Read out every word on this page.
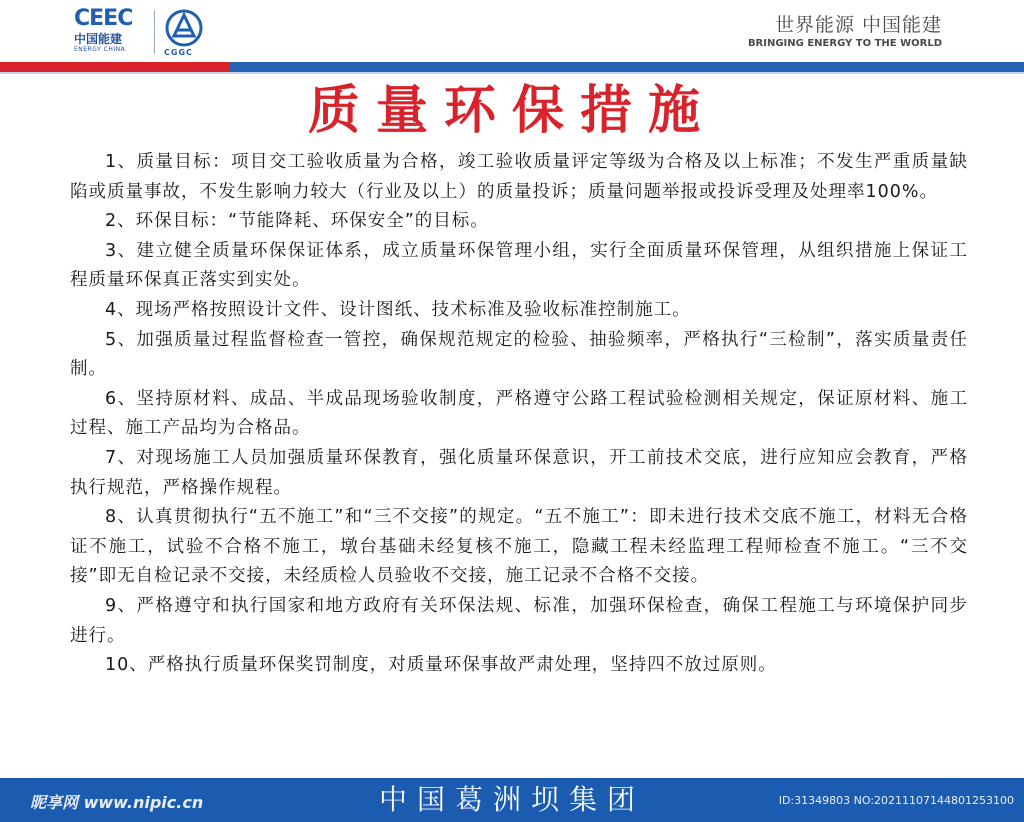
CEEC
中国能建
ENERGY CHINA	CGGC
世界能源 中国能建
BRINGING ENERGY TO THE WORLD
质量环保措施

1、质量目标：项目交工验收质量为合格，竣工验收质量评定等级为合格及以上标准；不发生严重质量缺陷或质量事故，不发生影响力较大（行业及以上）的质量投诉；质量问题举报或投诉受理及处理率100%。

2、环保目标：“节能降耗、环保安全”的目标。

3、建立健全质量环保保证体系，成立质量环保管理小组，实行全面质量环保管理，从组织措施上保证工程质量环保真正落实到实处。

4、现场严格按照设计文件、设计图纸、技术标准及验收标准控制施工。

5、加强质量过程监督检查一管控，确保规范规定的检验、抽验频率，严格执行“三检制”，落实质量责任制。

6、坚持原材料、成品、半成品现场验收制度，严格遵守公路工程试验检测相关规定，保证原材料、施工过程、施工产品均为合格品。

7、对现场施工人员加强质量环保教育，强化质量环保意识，开工前技术交底，进行应知应会教育，严格执行规范，严格操作规程。

8、认真贯彻执行“五不施工”和“三不交接”的规定。“五不施工”：即未进行技术交底不施工，材料无合格证不施工，试验不合格不施工，墩台基础未经复核不施工，隐藏工程未经监理工程师检查不施工。“三不交接”即无自检记录不交接，未经质检人员验收不交接，施工记录不合格不交接。

9、严格遵守和执行国家和地方政府有关环保法规、标准，加强环保检查，确保工程施工与环境保护同步进行。

10、严格执行质量环保奖罚制度，对质量环保事故严肃处理，坚持四不放过原则。

昵享网 www.nipic.cn	中国葛洲坝集团	ID:31349803 NO:20211107144801253100
